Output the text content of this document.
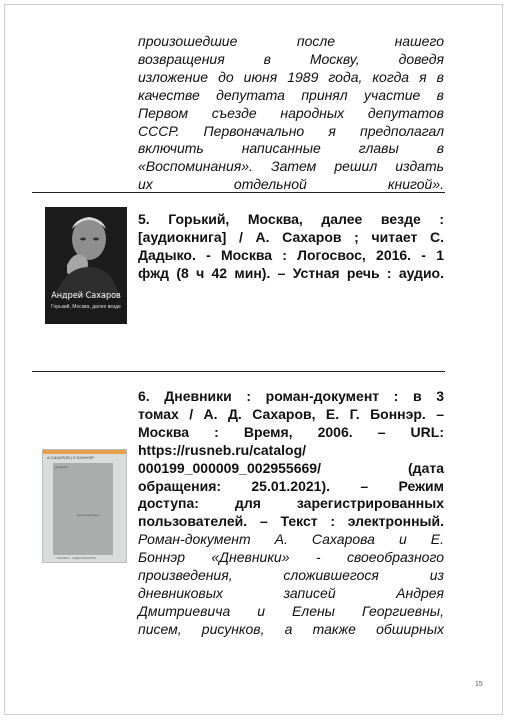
произошедшие после нашего
возвращения в Москву, доведя
изложение до июня 1989 года, когда я в
качестве депутата принял участие в
Первом съезде народных депутатов
СССР. Первоначально я предполагал
включить написанные главы в
«Воспоминания». Затем решил издать
их отдельной книгой».
Андрей Сахаров
Горький, Москва, далее везде
5. Горький, Москва, далее везде :
[аудиокнига] / А. Сахаров ; читает С.
Дадыко. - Москва : Логосвос, 2016. - 1
фжд (8 ч 42 мин). – Устная речь : аудио.
А.САХАРОВ | Е.БОННЭР
Дневники
роман-документ
ПАМЯТЬ · ИЗДАТЕЛЬСТВО
6. Дневники : роман-документ : в 3
томах / А. Д. Сахаров, Е. Г. Боннэр. –
Москва : Время, 2006. – URL:
https://rusneb.ru/catalog/
000199_000009_002955669/ (дата
обращения: 25.01.2021). – Режим
доступа: для зарегистрированных
пользователей. – Текст : электронный.
Роман-документ А. Сахарова и Е.
Боннэр «Дневники» - своеобразного
произведения, сложившегося из
дневниковых записей Андрея
Дмитриевича и Елены Георгиевны,
писем, рисунков, а также обширных
15
